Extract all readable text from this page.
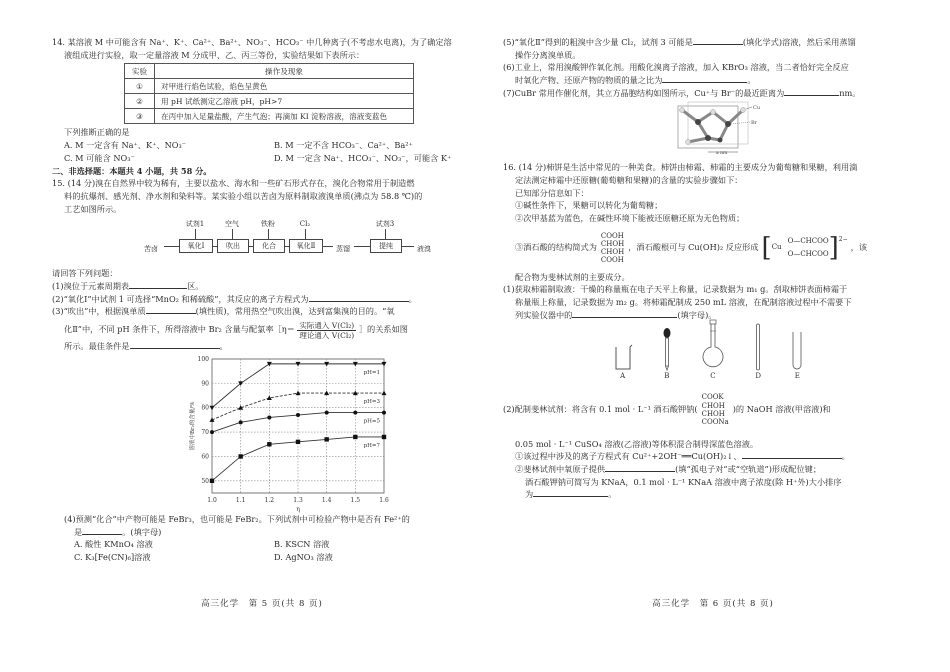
14. 某溶液 M 中可能含有 Na⁺、K⁺、Ca²⁺、Ba²⁺、NO₃⁻、HCO₃⁻ 中几种离子(不考虑水电离)，为了确定溶
液组成进行实验，取一定量溶液 M 分成甲、乙、丙三等份，实验结果如下表所示：
实验	操作及现象
①	对甲进行焰色试验，焰色呈黄色
②	用 pH 试纸测定乙溶液 pH，pH>7
③	在丙中加入足量盐酸，产生气泡；再滴加 KI 淀粉溶液，溶液变蓝色
下列推断正确的是
A. M 一定含有 Na⁺、K⁺、NO₃⁻	B. M 一定不含 HCO₃⁻、Ca²⁺、Ba²⁺
C. M 可能含 NO₃⁻	D. M 一定含 Na⁺、HCO₃⁻、NO₃⁻，可能含 K⁺
二、非选择题：本题共 4 小题，共 58 分。
15. (14 分)溴在自然界中较为稀有，主要以盐水、海水和一些矿石形式存在，溴化合物常用于制造燃
料的抗爆剂、感光剂、净水剂和染料等。某实验小组以苦卤为原料制取液溴单质(沸点为 58.8 ℃)的
工艺如图所示。
苦卤
试剂1
氧化Ⅰ
空气
吹出
铁粉
化合
Cl₂
氧化Ⅱ	蒸馏
试剂3
提纯	液溴
请回答下列问题：
(1)溴位于元素周期表	区。
(2)“氧化Ⅰ”中试剂 1 可选择“MnO₂ 和稀硫酸”，其反应的离子方程式为	。
(3)“吹出”中，根据溴单质	(填性质)，常用热空气吹出溴，达到富集溴的目的。“氧
化Ⅱ”中，不同 pH 条件下，所得溶液中 Br₂ 含量与配氯率［η＝ $\frac{\text{实际通入 V(Cl₂)}}{\text{理论通入 V(Cl₂)}}$ ］的关系如图
所示。最佳条件是	。
50
60
70
80
90
100
1.0	1.1	1.2	1.3	1.4	1.5	1.6
η
溶液中Br₂的含量/%
pH=1
pH=3
pH=5
pH=7
(4)预测“化合”中产物可能是 FeBr₃，也可能是 FeBr₂。下列试剂中可检验产物中是否有 Fe²⁺的
是	。(填字母)
A. 酸性 KMnO₄ 溶液	B. KSCN 溶液
C. K₃[Fe(CN)₆]溶液	D. AgNO₃ 溶液
高三化学　第 5 页(共 8 页)
(5)“氧化Ⅱ”得到的粗溴中含少量 Cl₂，试剂 3 可能是	(填化学式)溶液，然后采用蒸馏
操作分离溴单质。
(6)工业上，常用溴酸钾作氧化剂。用酸化溴离子溶液，加入 KBrO₃ 溶液，当二者恰好完全反应
时氧化产物、还原产物的物质的量之比为	。
(7)CuBr 常用作催化剂，其立方晶胞结构如图所示，Cu⁺与 Br⁻的最近距离为	nm。
Cu
Br
a nm
16. (14 分)柿饼是生活中常见的一种美食。柿饼由柿霜、柿霜的主要成分为葡萄糖和果糖，利用滴
定法测定柿霜中还原糖(葡萄糖和果糖)的含量的实验步骤如下：
已知部分信息如下：
①碱性条件下，果糖可以转化为葡萄糖；
②次甲基蓝为蓝色，在碱性环境下能被还原糖还原为无色物质；
③酒石酸的结构简式为
COOH
CHOH
CHOH
COOH
，酒石酸根可与 Cu(OH)₂ 反应形成 [ Cu
O—CHCOO
O—CHCOO ] 2−
，该
配合物为斐林试剂的主要成分。
(1)获取柿霜制取液：干燥的称量瓶在电子天平上称量，记录数据为 m₁ g。刮取柿饼表面柿霜于
称量瓶上称量，记录数据为 m₂ g。将柿霜配制成 250 mL 溶液，在配制溶液过程中不需要下
列实验仪器中的	(填字母)。
A	B	C	D	E
(2)配制斐林试剂：将含有 0.1 mol · L⁻¹ 酒石酸钾钠(
COOK
CHOH
CHOH
COONa
)的 NaOH 溶液(甲溶液)和
0.05 mol · L⁻¹ CuSO₄ 溶液(乙溶液)等体积混合制得深蓝色溶液。
①该过程中涉及的离子方程式有 Cu²⁺+2OH⁻══Cu(OH)₂↓、	。
②斐林试剂中氧原子提供	(填“孤电子对”或“空轨道”)形成配位键；
酒石酸钾钠可简写为 KNaA，0.1 mol · L⁻¹ KNaA 溶液中离子浓度(除 H⁺外)大小排序
为	。
高三化学　第 6 页(共 8 页)
